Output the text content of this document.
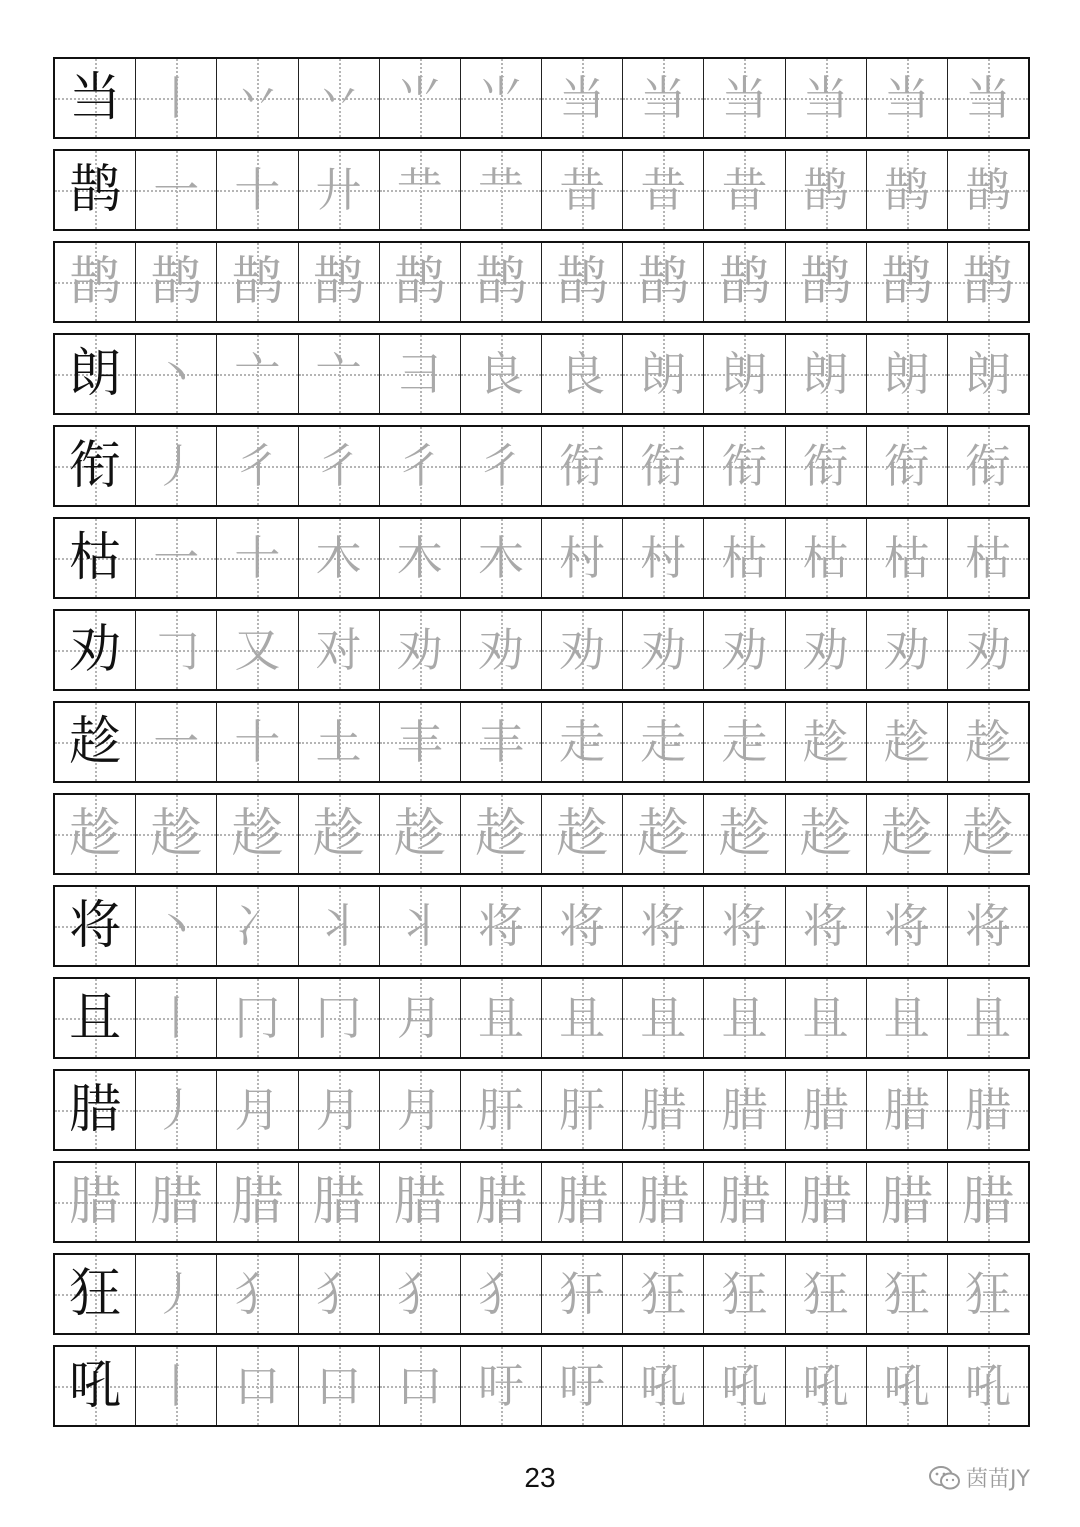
当 丨 丷 丷 ⺌ ⺌ 当 当 当 当 当 当
鹊 一 十 廾 龷 龷 昔 昔 昔 鹊 鹊 鹊
鹊 鹊 鹊 鹊 鹊 鹊 鹊 鹊 鹊 鹊 鹊 鹊
朗 丶 亠 亠 ⺕ 良 良 朗 朗 朗 朗 朗
衔 丿 彳 彳 彳 彳 衔 衔 衔 衔 衔 衔
枯 一 十 木 木 木 村 村 枯 枯 枯 枯
劝 𠃌 又 对 劝 劝 劝 劝 劝 劝 劝 劝
趁 一 十 土 丰 丰 走 走 走 趁 趁 趁
趁 趁 趁 趁 趁 趁 趁 趁 趁 趁 趁 趁
将 丶 冫 丬 丬 将 将 将 将 将 将 将
且 丨 冂 冂 月 且 且 且 且 且 且 且
腊 丿 月 月 月 肝 肝 腊 腊 腊 腊 腊
腊 腊 腊 腊 腊 腊 腊 腊 腊 腊 腊 腊
狂 丿 犭 犭 犭 犭 犴 狂 狂 狂 狂 狂
吼 丨 口 口 口 吁 吁 吼 吼 吼 吼 吼
23	茵苗JY
